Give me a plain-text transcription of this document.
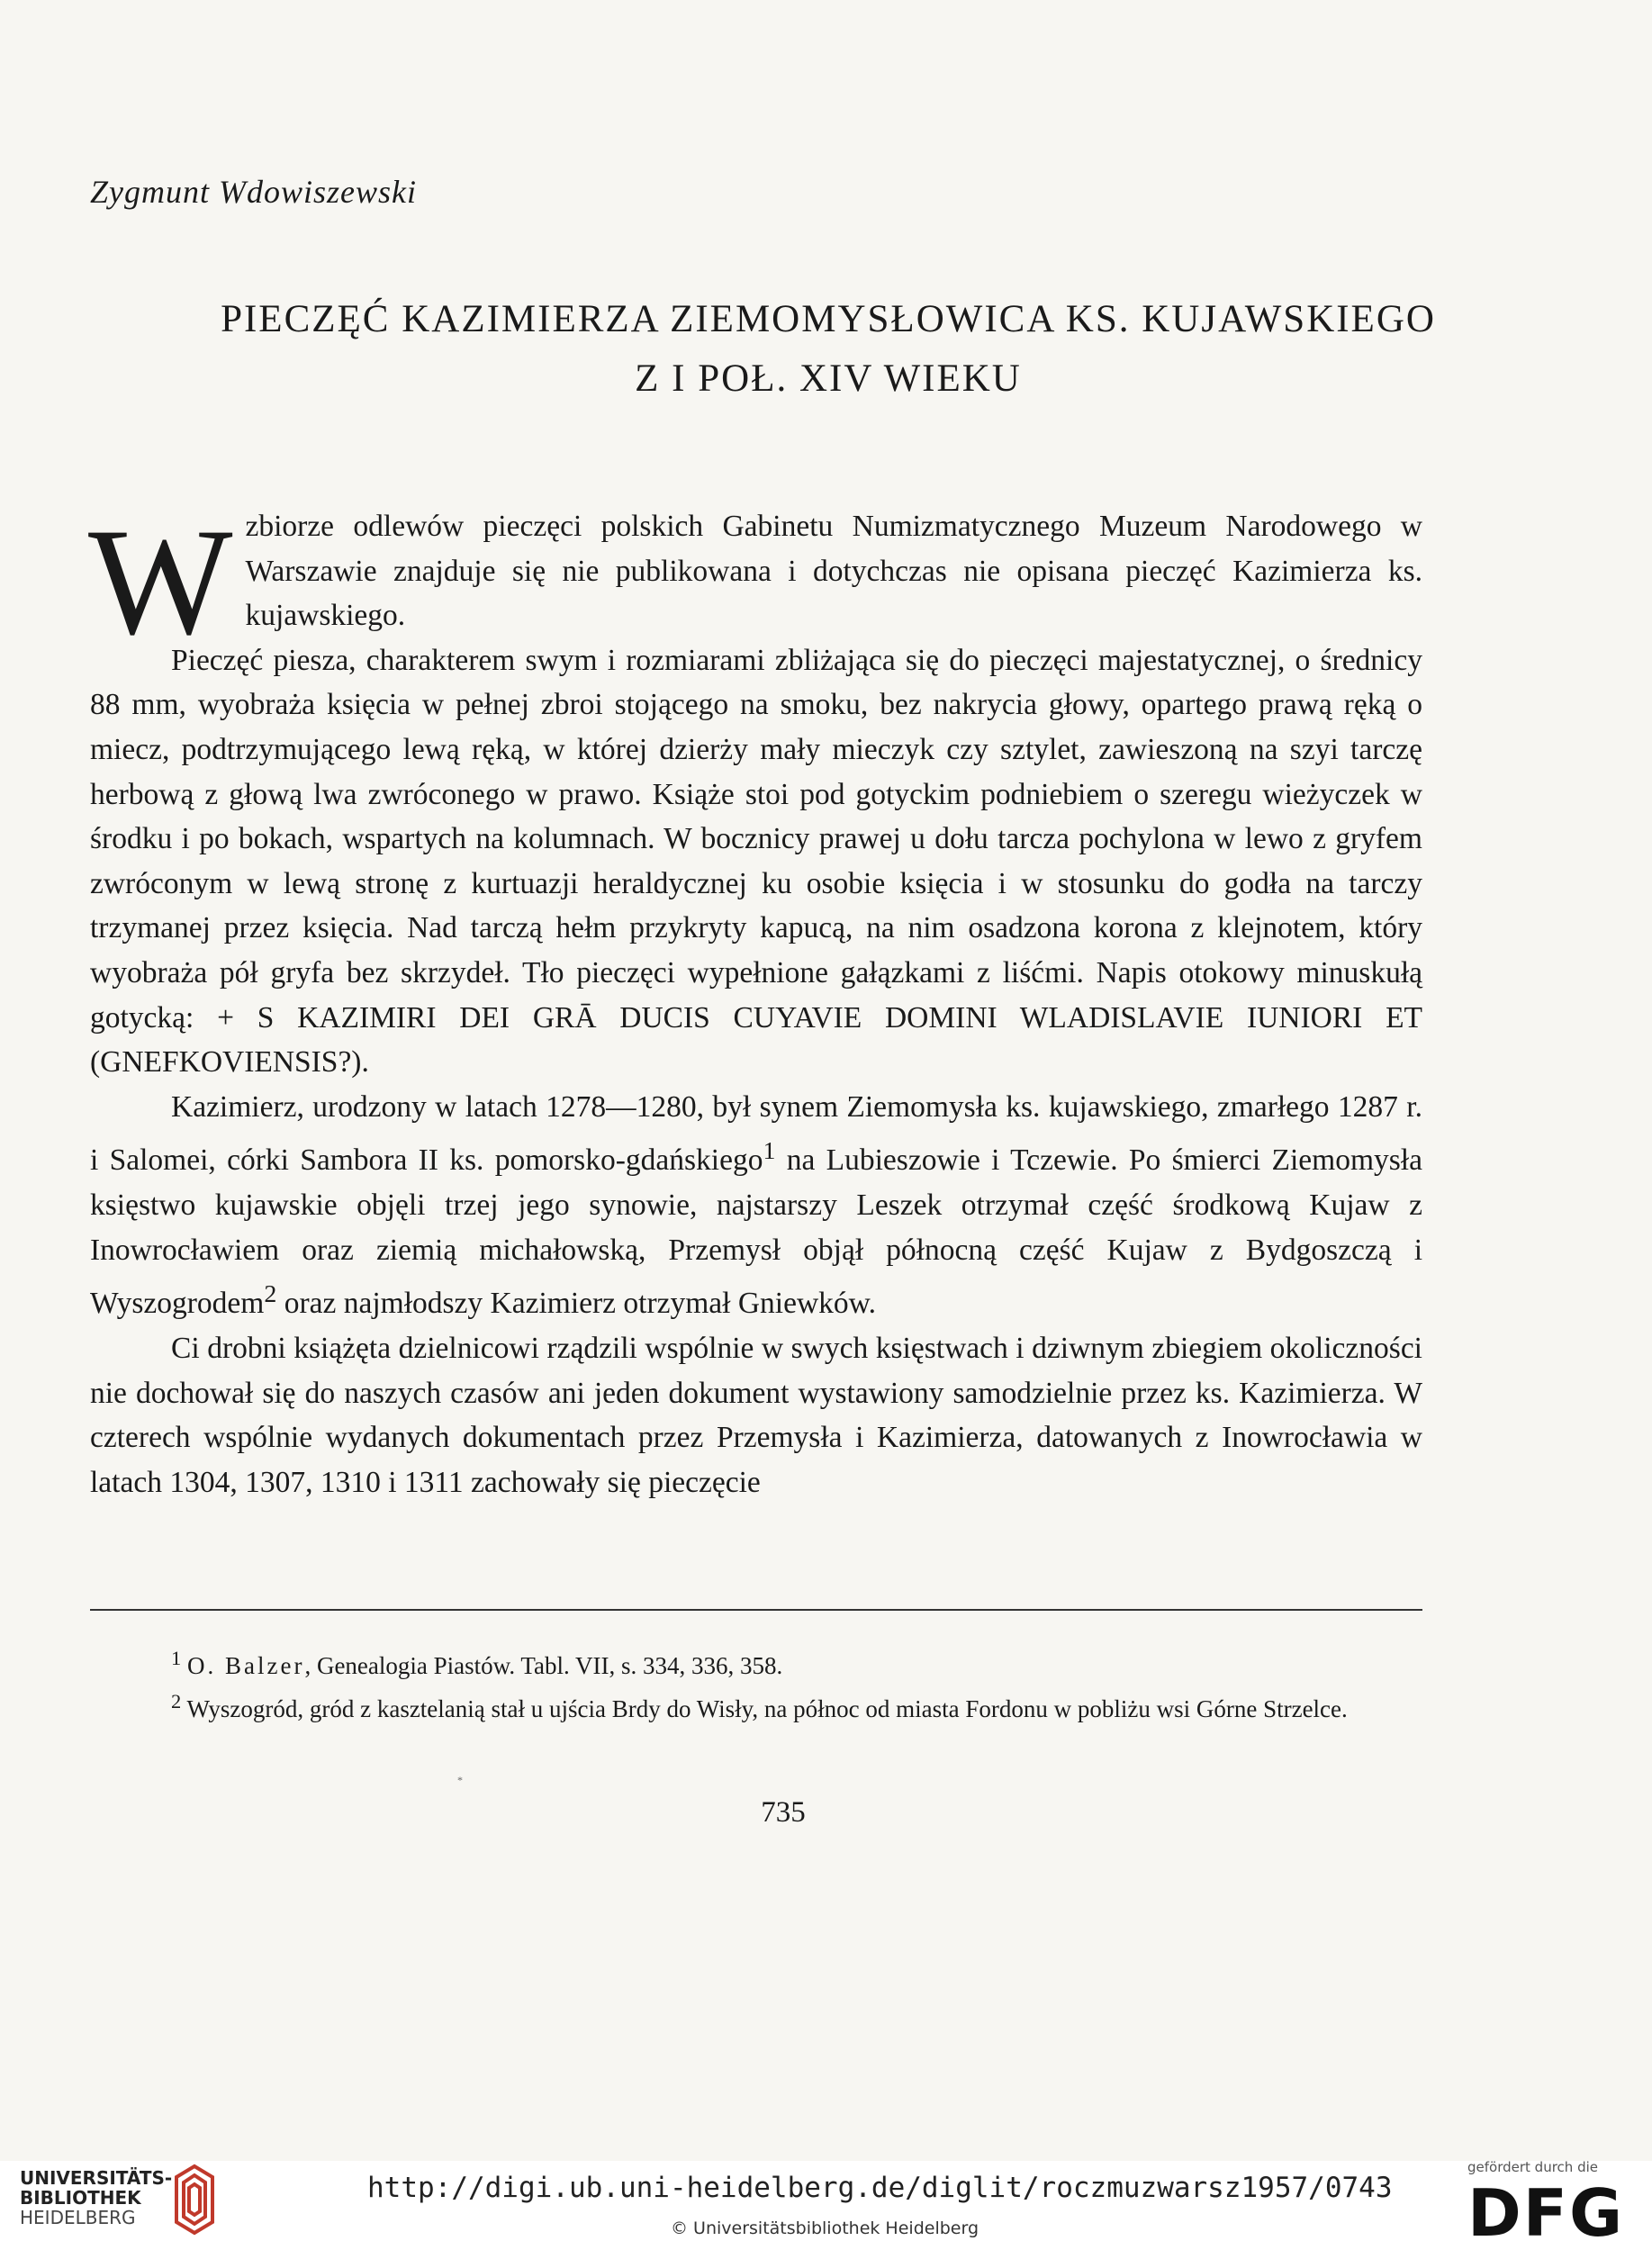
Zygmunt Wdowiszewski
PIECZĘĆ KAZIMIERZA ZIEMOMYSŁOWICA KS. KUJAWSKIEGO
Z I POŁ. XIV WIEKU

Wzbiorze odlewów pieczęci polskich Gabinetu Numizmatycznego Muzeum Narodowego w Warszawie znajduje się nie publikowana i dotychczas nie opisana pieczęć Kazimierza ks. kujawskiego.

Pieczęć piesza, charakterem swym i rozmiarami zbliżająca się do pieczęci majestatycznej, o średnicy 88 mm, wyobraża księcia w pełnej zbroi stojącego na smoku, bez nakrycia głowy, opartego prawą ręką o miecz, podtrzymującego lewą ręką, w której dzierży mały mieczyk czy sztylet, zawieszoną na szyi tarczę herbową z głową lwa zwróconego w prawo. Książe stoi pod gotyckim podniebiem o szeregu wieżyczek w środku i po bokach, wspartych na kolumnach. W bocznicy prawej u dołu tarcza pochylona w lewo z gryfem zwróconym w lewą stronę z kurtuazji heraldycznej ku osobie księcia i w stosunku do godła na tarczy trzymanej przez księcia. Nad tarczą hełm przykryty kapucą, na nim osadzona korona z klejnotem, który wyobraża pół gryfa bez skrzydeł. Tło pieczęci wypełnione gałązkami z liśćmi. Napis otokowy minuskułą gotycką: + S KAZIMIRI DEI GRĀ DUCIS CUYAVIE DOMINI WLADISLAVIE IUNIORI ET (GNEFKOVIENSIS?).

Kazimierz, urodzony w latach 1278—1280, był synem Ziemomysła ks. kujawskiego, zmarłego 1287 r. i Salomei, córki Sambora II ks. pomorsko-gdańskiego$^1$ na Lubieszowie i Tczewie. Po śmierci Ziemomysła księstwo kujawskie objęli trzej jego synowie, najstarszy Leszek otrzymał część środkową Kujaw z Inowrocławiem oraz ziemią michałowską, Przemysł objął północną część Kujaw z Bydgoszczą i Wyszogrodem$^2$ oraz najmłodszy Kazimierz otrzymał Gniewków.

Ci drobni książęta dzielnicowi rządzili wspólnie w swych księstwach i dziwnym zbiegiem okoliczności nie dochował się do naszych czasów ani jeden dokument wystawiony samodzielnie przez ks. Kazimierza. W czterech wspólnie wydanych dokumentach przez Przemysła i Kazimierza, datowanych z Inowrocławia w latach 1304, 1307, 1310 i 1311 zachowały się pieczęcie

$^1$ O. Balzer, Genealogia Piastów. Tabl. VII, s. 334, 336, 358.

$^2$ Wyszogród, gród z kasztelanią stał u ujścia Brdy do Wisły, na północ od miasta Fordonu w pobliżu wsi Górne Strzelce.

735
*
UNIVERSITÄTS-
BIBLIOTHEK
HEIDELBERG
http://digi.ub.uni-heidelberg.de/diglit/roczmuzwarsz1957/0743
© Universitätsbibliothek Heidelberg
gefördert durch die
DFG
